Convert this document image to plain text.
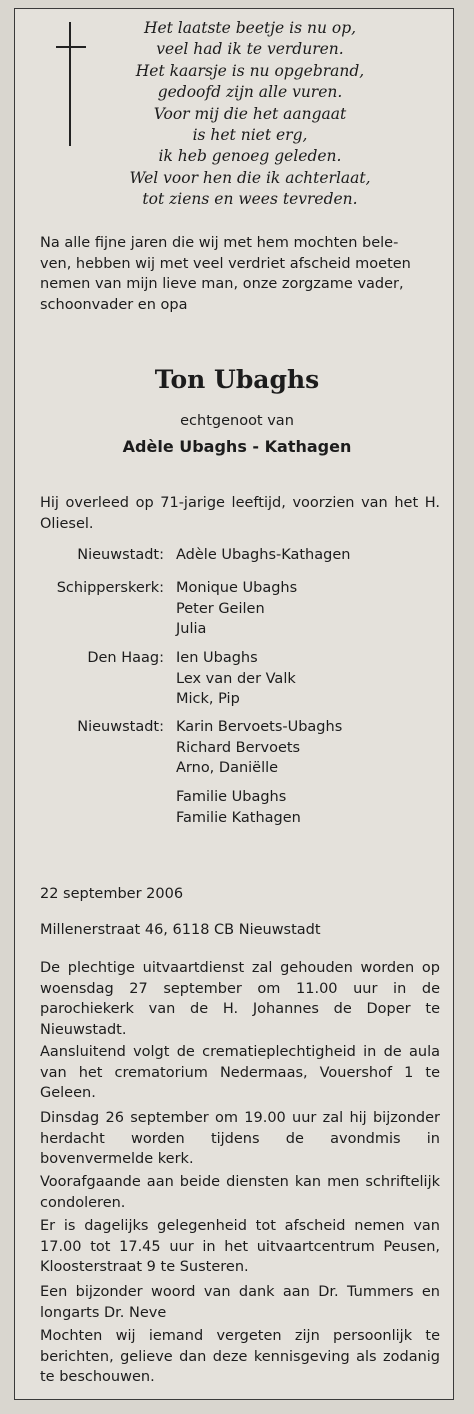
Het laatste beetje is nu op,
veel had ik te verduren.
Het kaarsje is nu opgebrand,
gedoofd zijn alle vuren.
Voor mij die het aangaat
is het niet erg,
ik heb genoeg geleden.
Wel voor hen die ik achterlaat,
tot ziens en wees tevreden.
Na alle fijne jaren die wij met hem mochten bele-
ven, hebben wij met veel verdriet afscheid moeten
nemen van mijn lieve man, onze zorgzame vader,
schoonvader en opa
Ton Ubaghs
echtgenoot van
Adèle Ubaghs - Kathagen
Hij overleed op 71-jarige leeftijd, voorzien van het H. Oliesel.
Nieuwstadt: Adèle Ubaghs-Kathagen
Schipperskerk: Monique Ubaghs
Peter Geilen
Julia
Den Haag: Ien Ubaghs
Lex van der Valk
Mick, Pip
Nieuwstadt: Karin Bervoets-Ubaghs
Richard Bervoets
Arno, Daniëlle
Familie Ubaghs
Familie Kathagen
22 september 2006
Millenerstraat 46, 6118 CB Nieuwstadt
De plechtige uitvaartdienst zal gehouden worden op woensdag 27 september om 11.00 uur in de parochiekerk van de H. Johannes de Doper te Nieuwstadt.
Aansluitend volgt de crematieplechtigheid in de aula van het crematorium Nedermaas, Vouershof 1 te Geleen.
Dinsdag 26 september om 19.00 uur zal hij bijzonder herdacht worden tijdens de avondmis in bovenvermelde kerk.
Voorafgaande aan beide diensten kan men schriftelijk condoleren.
Er is dagelijks gelegenheid tot afscheid nemen van 17.00 tot 17.45 uur in het uitvaartcentrum Peusen, Kloosterstraat 9 te Susteren.
Een bijzonder woord van dank aan Dr. Tummers en longarts Dr. Neve
Mochten wij iemand vergeten zijn persoonlijk te berichten, gelieve dan deze kennisgeving als zodanig te beschouwen.
